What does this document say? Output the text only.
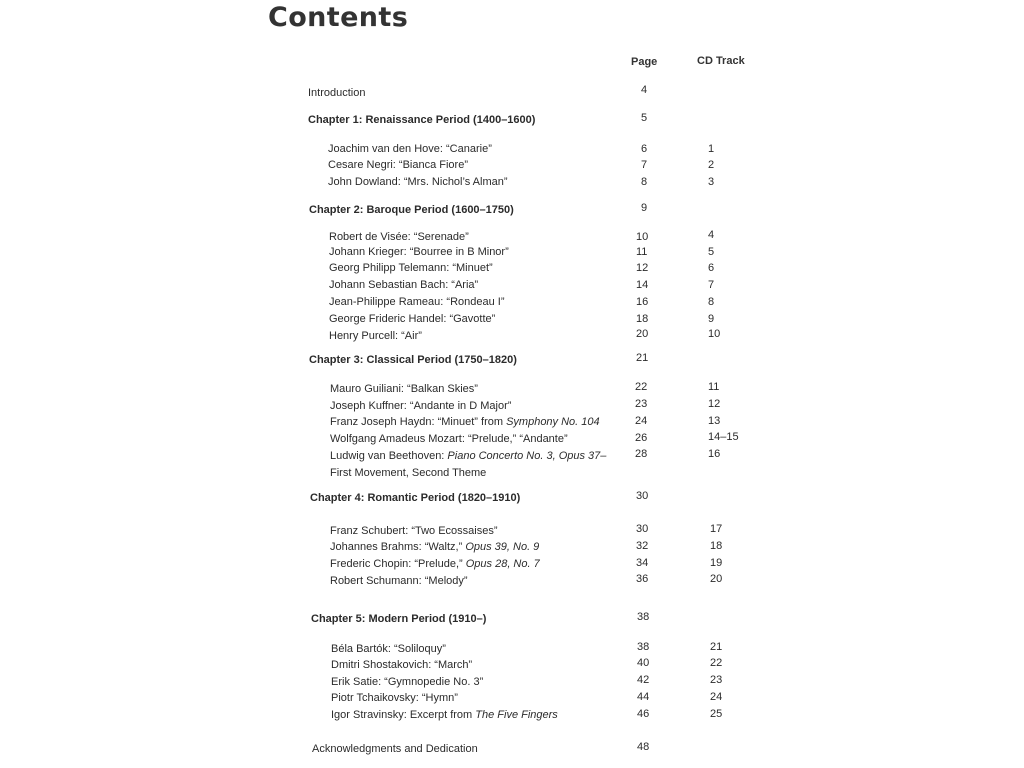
Contents
Page	CD Track
Introduction	4
Chapter 1: Renaissance Period (1400–1600)	5
Joachim van den Hove: “Canarie”	6	1
Cesare Negri: “Bianca Fiore”	7	2
John Dowland: “Mrs. Nichol’s Alman”	8	3
Chapter 2: Baroque Period (1600–1750)	9
Robert de Visée: “Serenade”	10	4
Johann Krieger: “Bourree in B Minor”	11	5
Georg Philipp Telemann: “Minuet”	12	6
Johann Sebastian Bach: “Aria”	14	7
Jean-Philippe Rameau: “Rondeau I”	16	8
George Frideric Handel: “Gavotte”	18	9
Henry Purcell: “Air”	20	10
Chapter 3: Classical Period (1750–1820)	21
Mauro Guiliani: “Balkan Skies”	22	11
Joseph Kuffner: “Andante in D Major”	23	12
Franz Joseph Haydn: “Minuet” from Symphony No. 104	24	13
Wolfgang Amadeus Mozart: “Prelude,” “Andante”	26	14–15
Ludwig van Beethoven: Piano Concerto No. 3, Opus 37–	28	16
First Movement, Second Theme
Chapter 4: Romantic Period (1820–1910)	30
Franz Schubert: “Two Ecossaises”	30	17
Johannes Brahms: “Waltz,” Opus 39, No. 9	32	18
Frederic Chopin: “Prelude,” Opus 28, No. 7	34	19
Robert Schumann: “Melody”	36	20
Chapter 5: Modern Period (1910–)	38
Béla Bartók: “Soliloquy”	38	21
Dmitri Shostakovich: “March”	40	22
Erik Satie: “Gymnopedie No. 3”	42	23
Piotr Tchaikovsky: “Hymn”	44	24
Igor Stravinsky: Excerpt from The Five Fingers	46	25
Acknowledgments and Dedication	48
